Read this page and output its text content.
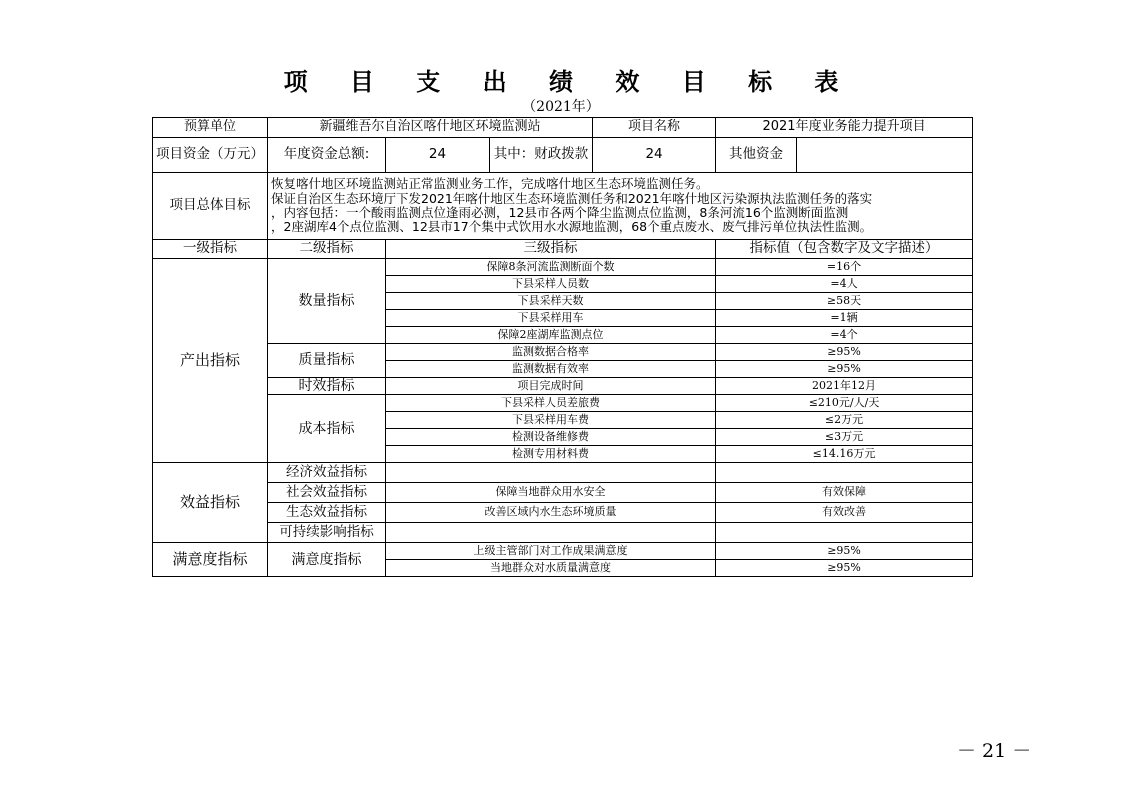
项 目 支 出 绩 效 目 标 表
（2021年）
预算单位	新疆维吾尔自治区喀什地区环境监测站			项目名称	2021年度业务能力提升项目	
项目资金（万元）	年度资金总额:	24	其中：财政拨款	24	其他资金	
项目总体目标	恢复喀什地区环境监测站正常监测业务工作，完成喀什地区生态环境监测任务。
保证自治区生态环境厅下发2021年喀什地区生态环境监测任务和2021年喀什地区污染源执法监测任务的落实
，内容包括：一个酸雨监测点位逢雨必测，12县市各两个降尘监测点位监测，8条河流16个监测断面监测
，2座湖库4个点位监测、12县市17个集中式饮用水水源地监测，68个重点废水、废气排污单位执法性监测。					

一级指标	二级指标	三级指标			指标值（包含数字及文字描述）	
产出指标	数量指标	保障8条河流监测断面个数			=16个	
		下县采样人员数			=4人	
		下县采样天数			≥58天	
		下县采样用车			=1辆	
		保障2座湖库监测点位			=4个	
	质量指标	监测数据合格率			≥95%	
		监测数据有效率			≥95%	
	时效指标	项目完成时间			2021年12月	
	成本指标	下县采样人员差旅费			≤210元/人/天	
		下县采样用车费			≤2万元	
		检测设备维修费			≤3万元	
		检测专用材料费			≤14.16万元	
效益指标	经济效益指标					
	社会效益指标	保障当地群众用水安全			有效保障	
	生态效益指标	改善区域内水生态环境质量			有效改善	
	可持续影响指标					
满意度指标	满意度指标	上级主管部门对工作成果满意度			≥95%	
		当地群众对水质量满意度			≥95%	
－ 21 －
